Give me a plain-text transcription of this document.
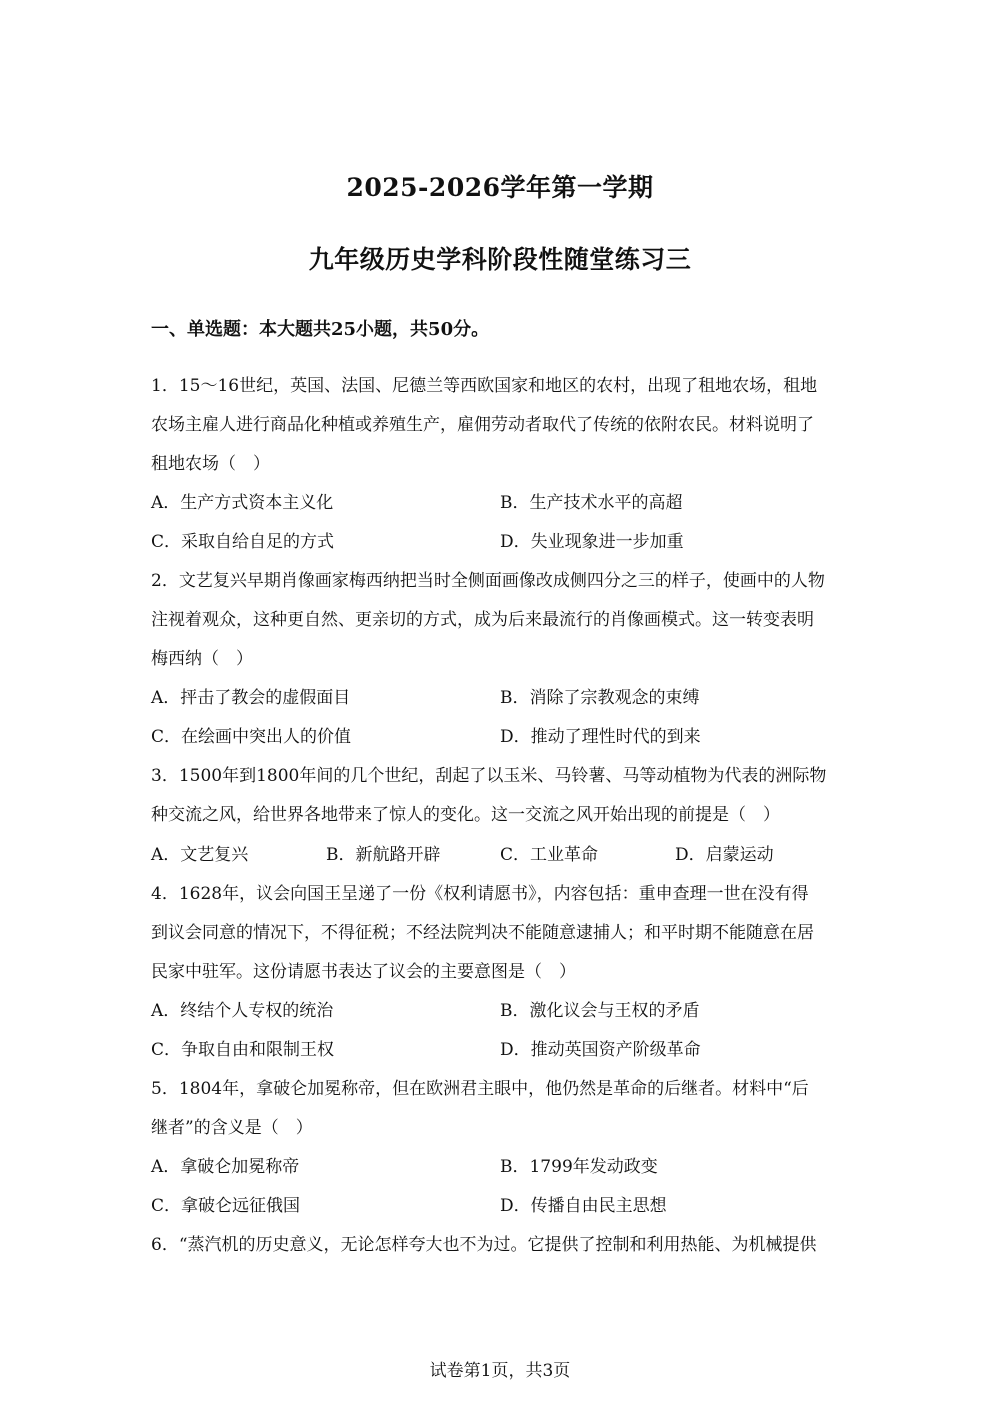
2025-2026学年第一学期
九年级历史学科阶段性随堂练习三
一、单选题：本大题共25小题，共50分。
1．15～16世纪，英国、法国、尼德兰等西欧国家和地区的农村，出现了租地农场，租地
农场主雇人进行商品化种植或养殖生产，雇佣劳动者取代了传统的依附农民。材料说明了
租地农场（　）
A．生产方式资本主义化	B．生产技术水平的高超
C．采取自给自足的方式	D．失业现象进一步加重
2．文艺复兴早期肖像画家梅西纳把当时全侧面画像改成侧四分之三的样子，使画中的人物
注视着观众，这种更自然、更亲切的方式，成为后来最流行的肖像画模式。这一转变表明
梅西纳（　）
A．抨击了教会的虚假面目	B．消除了宗教观念的束缚
C．在绘画中突出人的价值	D．推动了理性时代的到来
3．1500年到1800年间的几个世纪，刮起了以玉米、马铃薯、马等动植物为代表的洲际物
种交流之风，给世界各地带来了惊人的变化。这一交流之风开始出现的前提是（　）
A．文艺复兴	B．新航路开辟	C．工业革命	D．启蒙运动
4．1628年，议会向国王呈递了一份《权利请愿书》，内容包括：重申查理一世在没有得
到议会同意的情况下，不得征税；不经法院判决不能随意逮捕人；和平时期不能随意在居
民家中驻军。这份请愿书表达了议会的主要意图是（　）
A．终结个人专权的统治	B．激化议会与王权的矛盾
C．争取自由和限制王权	D．推动英国资产阶级革命
5．1804年，拿破仑加冕称帝，但在欧洲君主眼中，他仍然是革命的后继者。材料中“后
继者”的含义是（　）
A．拿破仑加冕称帝	B．1799年发动政变
C．拿破仑远征俄国	D．传播自由民主思想
6．“蒸汽机的历史意义，无论怎样夸大也不为过。它提供了控制和利用热能、为机械提供
试卷第1页，共3页
